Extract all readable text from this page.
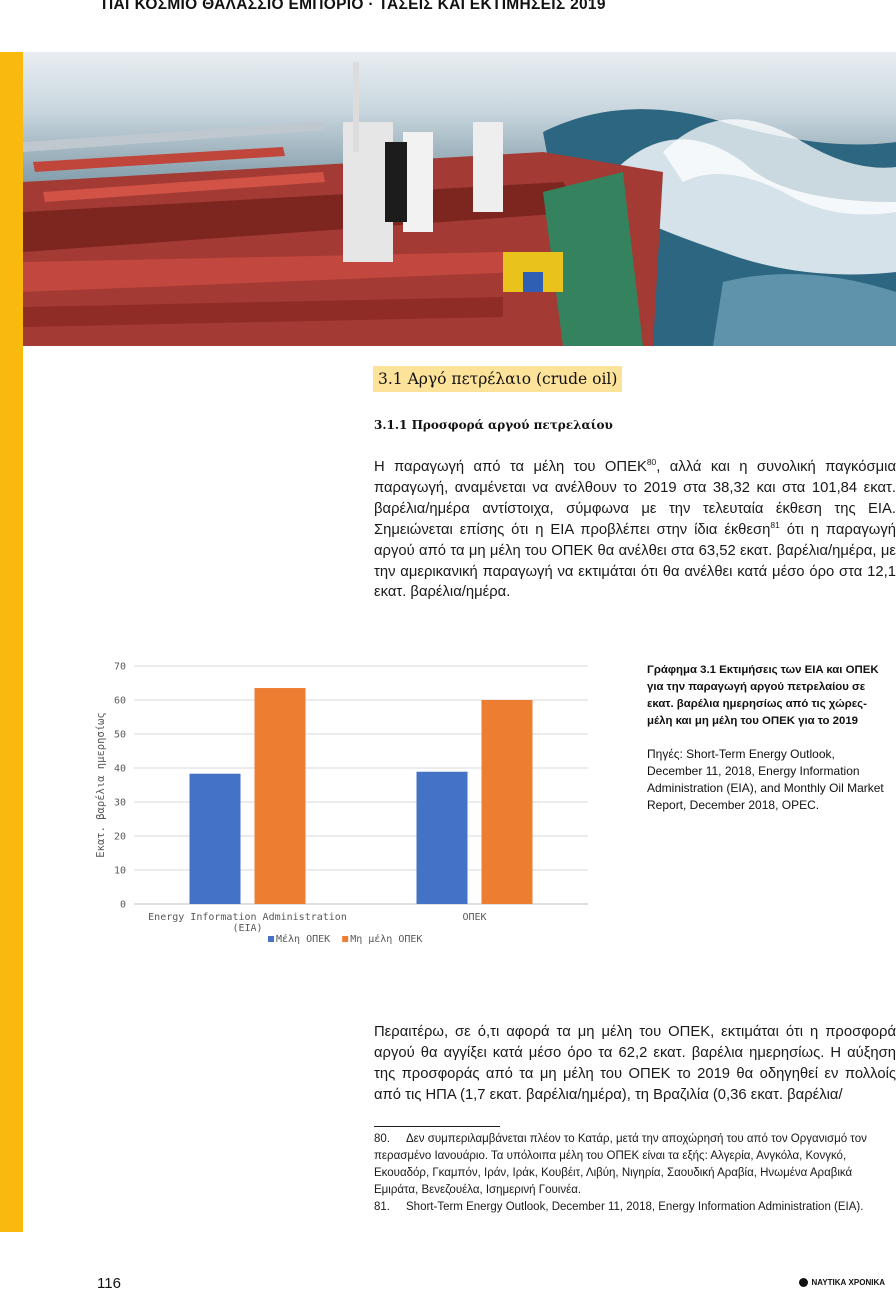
ΠΑΓΚΟΣΜΙΟ ΘΑΛΑΣΣΙΟ ΕΜΠΟΡΙΟ · ΤΑΣΕΙΣ ΚΑΙ ΕΚΤΙΜΗΣΕΙΣ 2019
3.1 Αργό πετρέλαιο (crude oil)
3.1.1 Προσφορά αργού πετρελαίου

Η παραγωγή από τα μέλη του ΟΠΕΚ$^{80}$, αλλά και η συνολική παγκόσμια παραγωγή, αναμένεται να ανέλθουν το 2019 στα 38,32 και στα 101,84 εκατ. βαρέλια/ημέρα αντίστοιχα, σύμφωνα με την τελευταία έκθεση της EIA. Σημειώνεται επίσης ότι η EIA προβλέπει στην ίδια έκθεση$^{81}$ ότι η παραγωγή αργού από τα μη μέλη του ΟΠΕΚ θα ανέλθει στα 63,52 εκατ. βαρέλια/ημέρα, με την αμερικανική παραγωγή να εκτιμάται ότι θα ανέλθει κατά μέσο όρο στα 12,1 εκατ. βαρέλια/ημέρα.

0
10
20
30
40
50
60
70
Εκατ. βαρέλια ημερησίως
Energy Information Administration
(EIA)
ΟΠΕΚ
Μέλη ΟΠΕΚ Μη μέλη ΟΠΕΚ
Γράφημα 3.1 Εκτιμήσεις των EIA και ΟΠΕΚ για την παραγωγή αργού πετρελαίου σε εκατ. βαρέλια ημερησίως από τις χώρες-μέλη και μη μέλη του ΟΠΕΚ για το 2019
Πηγές: Short-Term Energy Outlook, December 11, 2018, Energy Information Administration (EIA), and Monthly Oil Market Report, December 2018, OPEC.

Περαιτέρω, σε ό,τι αφορά τα μη μέλη του ΟΠΕΚ, εκτιμάται ότι η προσφορά αργού θα αγγίξει κατά μέσο όρο τα 62,2 εκατ. βαρέλια ημερησίως. Η αύξηση της προσφοράς από τα μη μέλη του ΟΠΕΚ το 2019 θα οδηγηθεί εν πολλοίς από τις ΗΠΑ (1,7 εκατ. βαρέλια/ημέρα), τη Βραζιλία (0,36 εκατ. βαρέλια/

80. Δεν συμπεριλαμβάνεται πλέον το Κατάρ, μετά την αποχώρησή του από τον Οργανισμό τον περασμένο Ιανουάριο. Τα υπόλοιπα μέλη του ΟΠΕΚ είναι τα εξής: Αλγερία, Ανγκόλα, Κονγκό, Εκουαδόρ, Γκαμπόν, Ιράν, Ιράκ, Κουβέιτ, Λιβύη, Νιγηρία, Σαουδική Αραβία, Ηνωμένα Αραβικά Εμιράτα, Βενεζουέλα, Ισημερινή Γουινέα.
81. Short-Term Energy Outlook, December 11, 2018, Energy Information Administration (EIA).
116	ΝΑΥΤΙΚΑ ΧΡΟΝΙΚΑ
